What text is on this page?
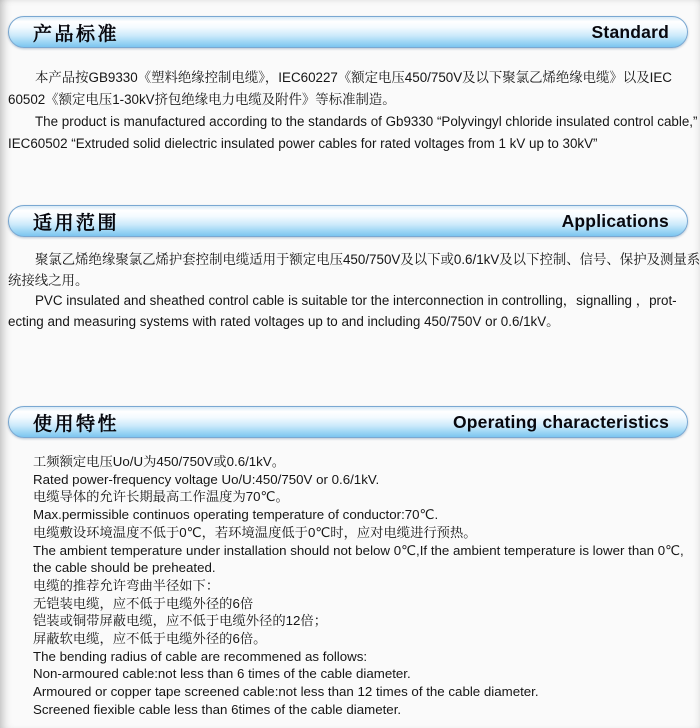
产品标准	Standard
本产品按GB9330《塑料绝缘控制电缆》，IEC60227《额定电压450/750V及以下聚氯乙烯绝缘电缆》以及IEC
60502《额定电压1-30kV挤包绝缘电力电缆及附件》等标准制造。
The product is manufactured according to the standards of Gb9330 “Polyvingyl chloride insulated control cable,”
IEC60502 “Extruded solid dielectric insulated power cables for rated voltages from 1 kV up to 30kV”
适用范围	Applications
聚氯乙烯绝缘聚氯乙烯护套控制电缆适用于额定电压450/750V及以下或0.6/1kV及以下控制、信号、保护及测量系
统接线之用。
PVC insulated and sheathed control cable is suitable tor the interconnection in controlling，signalling ，prot-
ecting and measuring systems with rated voltages up to and including 450/750V or 0.6/1kV。
使用特性	Operating characteristics
工频额定电压Uo/U为450/750V或0.6/1kV。
Rated power-frequency voltage Uo/U:450/750V or 0.6/1kV.
电缆导体的允许长期最高工作温度为70℃。
Max.permissible continuos operating temperature of conductor:70℃.
电缆敷设环境温度不低于0℃，若环境温度低于0℃时，应对电缆进行预热。
The ambient temperature under installation should not below 0℃,If the ambient temperature is lower than 0℃,
the cable should be preheated.
电缆的推荐允许弯曲半径如下：
无铠装电缆，应不低于电缆外径的6倍
铠装或铜带屏蔽电缆，应不低于电缆外径的12倍；
屏蔽软电缆，应不低于电缆外径的6倍。
The bending radius of cable are recommened as follows:
Non-armoured cable:not less than 6 times of the cable diameter.
Armoured or copper tape screened cable:not less than 12 times of the cable diameter.
Screened fiexible cable less than 6times of the cable diameter.
